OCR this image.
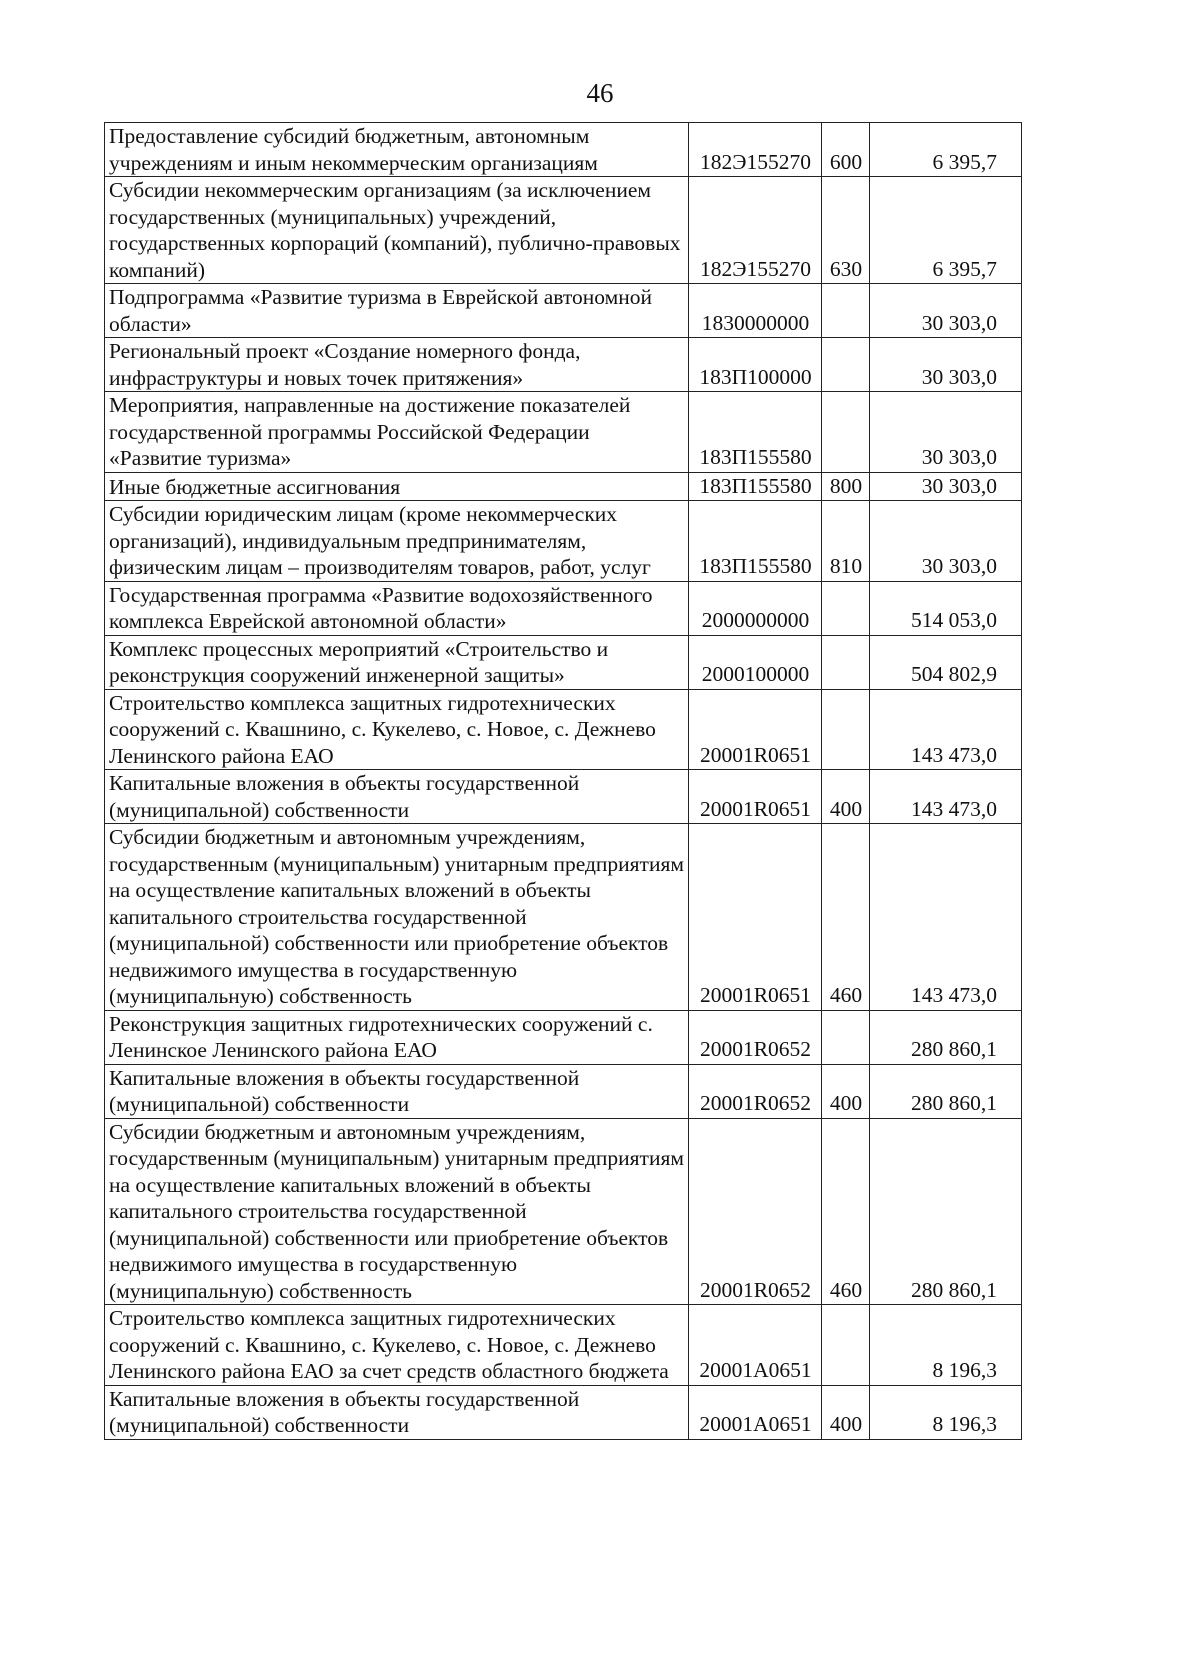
46
Предоставление субсидий бюджетным, автономным учреждениям и иным некоммерческим организациям	182Э155270	600	6 395,7
Субсидии некоммерческим организациям (за исключением государственных (муниципальных) учреждений, государственных корпораций (компаний), публично-правовых компаний)	182Э155270	630	6 395,7
Подпрограмма «Развитие туризма в Еврейской автономной области»	1830000000		30 303,0
Региональный проект «Создание номерного фонда, инфраструктуры и новых точек притяжения»	183П100000		30 303,0
Мероприятия, направленные на достижение показателей государственной программы Российской Федерации «Развитие туризма»	183П155580		30 303,0
Иные бюджетные ассигнования	183П155580	800	30 303,0
Субсидии юридическим лицам (кроме некоммерческих организаций), индивидуальным предпринимателям, физическим лицам – производителям товаров, работ, услуг	183П155580	810	30 303,0
Государственная программа «Развитие водохозяйственного комплекса Еврейской автономной области»	2000000000		514 053,0
Комплекс процессных мероприятий «Строительство и реконструкция сооружений инженерной защиты»	2000100000		504 802,9
Строительство комплекса защитных гидротехнических сооружений с. Квашнино, с. Кукелево, с. Новое, с. Дежнево Ленинского района ЕАО	20001R0651		143 473,0
Капитальные вложения в объекты государственной (муниципальной) собственности	20001R0651	400	143 473,0
Субсидии бюджетным и автономным учреждениям, государственным (муниципальным) унитарным предприятиям на осуществление капитальных вложений в объекты капитального строительства государственной (муниципальной) собственности или приобретение объектов недвижимого имущества в государственную (муниципальную) собственность	20001R0651	460	143 473,0
Реконструкция защитных гидротехнических сооружений с. Ленинское Ленинского района ЕАО	20001R0652		280 860,1
Капитальные вложения в объекты государственной (муниципальной) собственности	20001R0652	400	280 860,1
Субсидии бюджетным и автономным учреждениям, государственным (муниципальным) унитарным предприятиям на осуществление капитальных вложений в объекты капитального строительства государственной (муниципальной) собственности или приобретение объектов недвижимого имущества в государственную (муниципальную) собственность	20001R0652	460	280 860,1
Строительство комплекса защитных гидротехнических сооружений с. Квашнино, с. Кукелево, с. Новое, с. Дежнево Ленинского района ЕАО за счет средств областного бюджета	20001A0651		8 196,3
Капитальные вложения в объекты государственной (муниципальной) собственности	20001A0651	400	8 196,3
